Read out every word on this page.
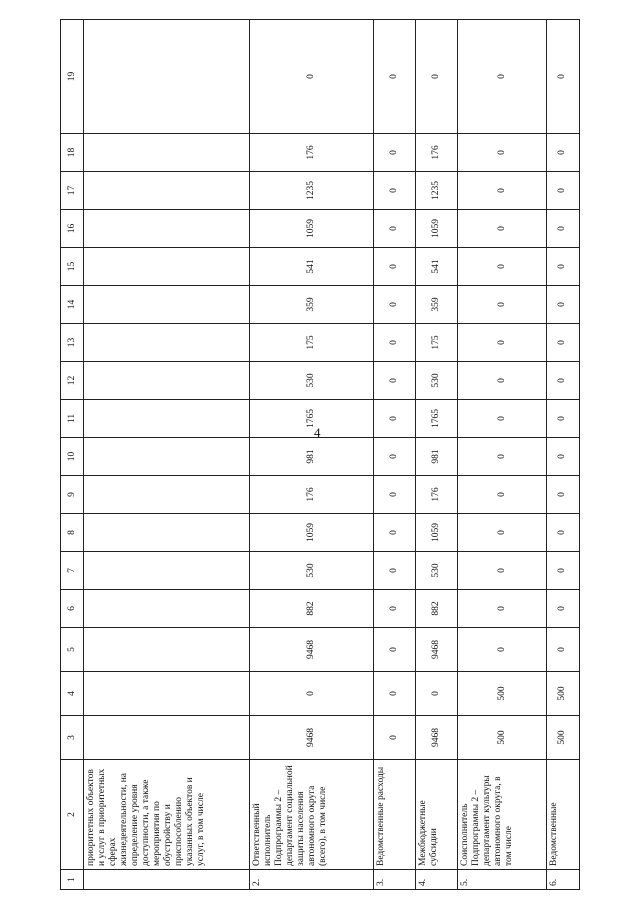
4
1	2	3	4	5	6	7	8	9	10	11	12	13	14	15	16	17	18	19
	приоритетных объектов и услуг в приоритетных сферах жизнедеятельности, на определение уровня доступности, а также мероприятия по обустройству и приспособлению указанных объектов и услуг, в том числе																	
2.	Ответственный исполнитель Подпрограммы 2 – департамент социальной защиты населения автономного округа (всего), в том числе	9468	0	9468	882	530	1059	176	981	1765	530	175	359	541	1059	1235	176	0
3.	Ведомственные расходы	0	0	0	0	0	0	0	0	0	0	0	0	0	0	0	0	0
4.	Межбюджетные субсидии	9468	0	9468	882	530	1059	176	981	1765	530	175	359	541	1059	1235	176	0
5.	Соисполнитель Подпрограммы 2 – департамент культуры автономного округа, в том числе	500	500	0	0	0	0	0	0	0	0	0	0	0	0	0	0	0
6.	Ведомственные	500	500	0	0	0	0	0	0	0	0	0	0	0	0	0	0	0
